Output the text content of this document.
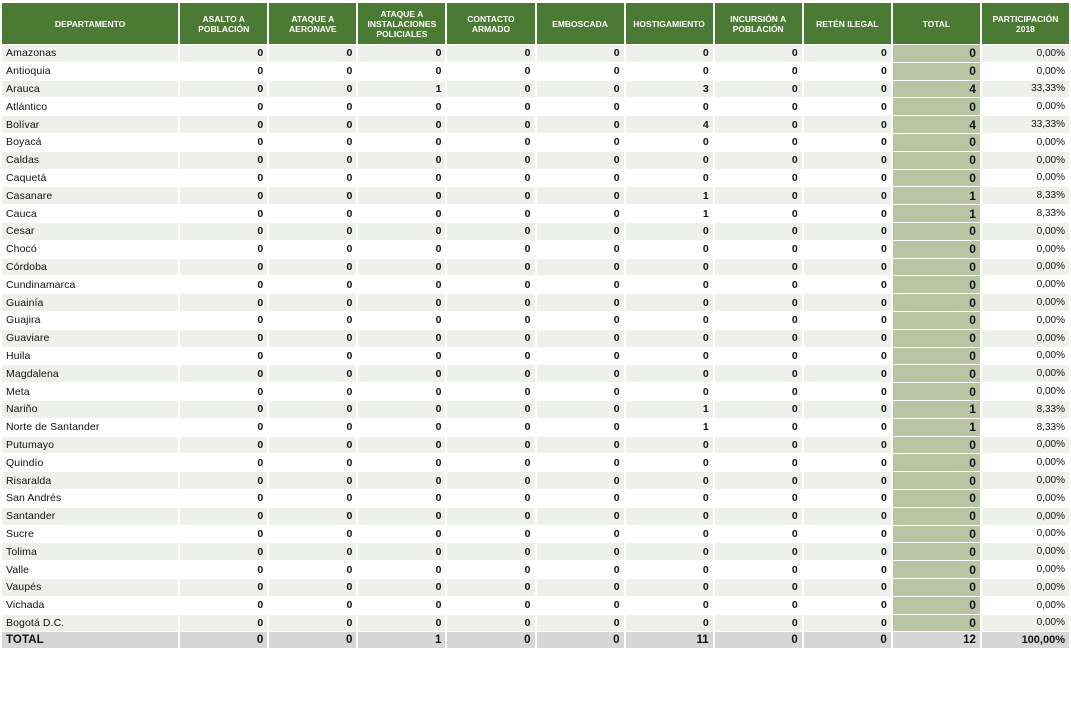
DEPARTAMENTO	ASALTO A POBLACIÓN	ATAQUE A AERONAVE	ATAQUE A INSTALACIONES POLICIALES	CONTACTO ARMADO	EMBOSCADA	HOSTIGAMIENTO	INCURSIÓN A POBLACIÓN	RETÉN ILEGAL	TOTAL	PARTICIPACIÓN 2018
Amazonas	0	0	0	0	0	0	0	0	0	0,00%
Antioquia	0	0	0	0	0	0	0	0	0	0,00%
Arauca	0	0	1	0	0	3	0	0	4	33,33%
Atlántico	0	0	0	0	0	0	0	0	0	0,00%
Bolívar	0	0	0	0	0	4	0	0	4	33,33%
Boyacá	0	0	0	0	0	0	0	0	0	0,00%
Caldas	0	0	0	0	0	0	0	0	0	0,00%
Caquetá	0	0	0	0	0	0	0	0	0	0,00%
Casanare	0	0	0	0	0	1	0	0	1	8,33%
Cauca	0	0	0	0	0	1	0	0	1	8,33%
Cesar	0	0	0	0	0	0	0	0	0	0,00%
Chocó	0	0	0	0	0	0	0	0	0	0,00%
Córdoba	0	0	0	0	0	0	0	0	0	0,00%
Cundinamarca	0	0	0	0	0	0	0	0	0	0,00%
Guainía	0	0	0	0	0	0	0	0	0	0,00%
Guajira	0	0	0	0	0	0	0	0	0	0,00%
Guaviare	0	0	0	0	0	0	0	0	0	0,00%
Huila	0	0	0	0	0	0	0	0	0	0,00%
Magdalena	0	0	0	0	0	0	0	0	0	0,00%
Meta	0	0	0	0	0	0	0	0	0	0,00%
Nariño	0	0	0	0	0	1	0	0	1	8,33%
Norte de Santander	0	0	0	0	0	1	0	0	1	8,33%
Putumayo	0	0	0	0	0	0	0	0	0	0,00%
Quindío	0	0	0	0	0	0	0	0	0	0,00%
Risaralda	0	0	0	0	0	0	0	0	0	0,00%
San Andrés	0	0	0	0	0	0	0	0	0	0,00%
Santander	0	0	0	0	0	0	0	0	0	0,00%
Sucre	0	0	0	0	0	0	0	0	0	0,00%
Tolima	0	0	0	0	0	0	0	0	0	0,00%
Valle	0	0	0	0	0	0	0	0	0	0,00%
Vaupés	0	0	0	0	0	0	0	0	0	0,00%
Vichada	0	0	0	0	0	0	0	0	0	0,00%
Bogotá D.C.	0	0	0	0	0	0	0	0	0	0,00%
TOTAL	0	0	1	0	0	11	0	0	12	100,00%
